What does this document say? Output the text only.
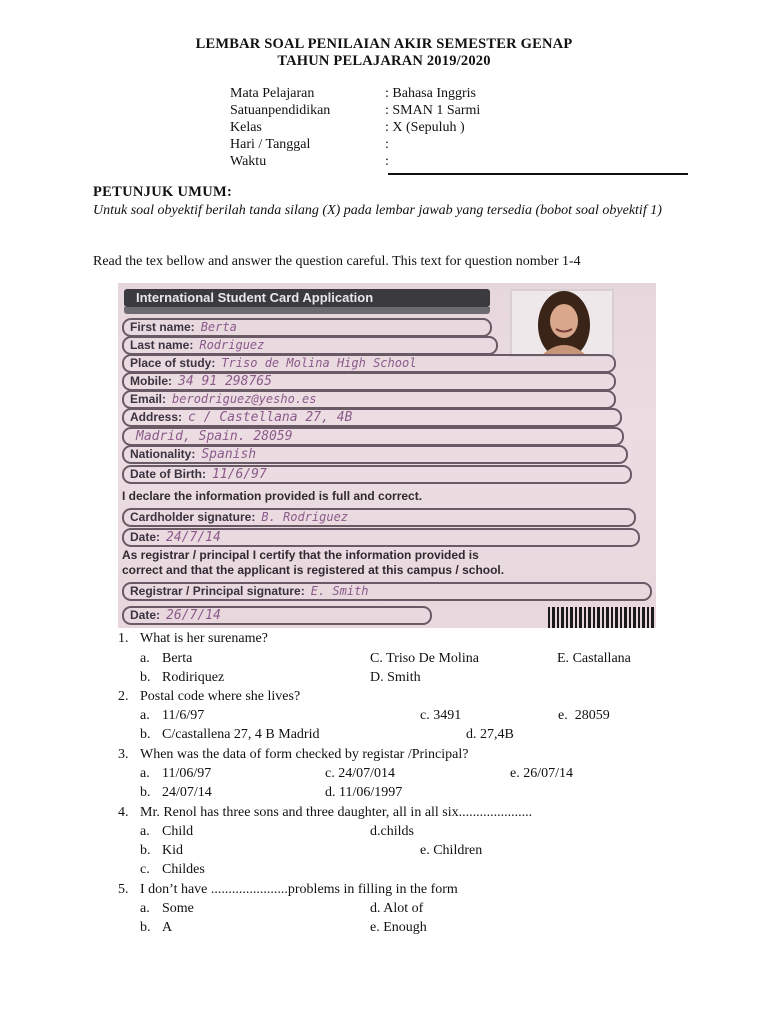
LEMBAR SOAL PENILAIAN AKIR SEMESTER GENAP
TAHUN PELAJARAN 2019/2020
Mata Pelajaran	: Bahasa Inggris
Satuanpendidikan	: SMAN 1 Sarmi
Kelas	: X (Sepuluh )
Hari / Tanggal	:
Waktu	:
PETUNJUK UMUM:
Untuk soal obyektif berilah tanda silang (X) pada lembar jawab yang tersedia (bobot soal obyektif 1)
Read the tex bellow and answer the question careful. This text for question nomber 1-4
International Student Card Application
First name: Berta
Last name: Rodriguez
Place of study: Triso de Molina High School
Mobile: 34 91 298765
Email: berodriguez@yesho.es
Address: c / Castellana 27, 4B
Madrid, Spain. 28059
Nationality: Spanish
Date of Birth: 11/6/97
I declare the information provided is full and correct.
Cardholder signature: B. Rodriguez
Date: 24/7/14
As registrar / principal I certify that the information provided is
correct and that the applicant is registered at this campus / school.
Registrar / Principal signature: E. Smith
Date: 26/7/14
1. What is her surename?
a. Berta	C. Triso De Molina	E. Castallana
b. Rodiriquez	D. Smith
2. Postal code where she lives?
a. 11/6/97	c. 3491	e.  28059
b. C/castallena 27, 4 B Madrid	d. 27,4B
3. When was the data of form checked by registar /Principal?
a. 11/06/97	c. 24/07/014	e. 26/07/14
b. 24/07/14	d. 11/06/1997
4. Mr. Renol has three sons and three daughter, all in all six.....................
a. Child	d.childs
b. Kid	e. Children
c. Childes
5. I don’t have ......................problems in filling in the form
a. Some	d. Alot of
b. A	e. Enough
